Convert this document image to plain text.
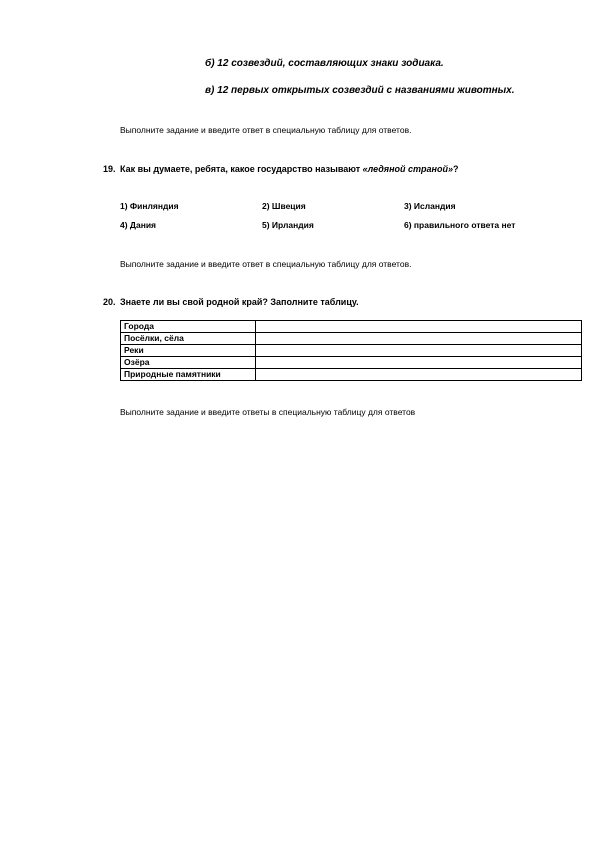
б) 12 созвездий, составляющих знаки зодиака.
в) 12 первых открытых созвездий с названиями животных.
Выполните задание и введите ответ в специальную таблицу для ответов.
19. Как вы думаете, ребята, какое государство называют «ледяной страной»?
1) Финляндия	2) Швеция	3) Исландия
4) Дания	5) Ирландия	6) правильного ответа нет
Выполните задание и введите ответ в специальную таблицу для ответов.
20. Знаете ли вы свой родной край? Заполните таблицу.
Города	
Посёлки, сёла	
Реки	
Озёра	
Природные памятники	
Выполните задание и введите ответы в специальную таблицу для ответов
